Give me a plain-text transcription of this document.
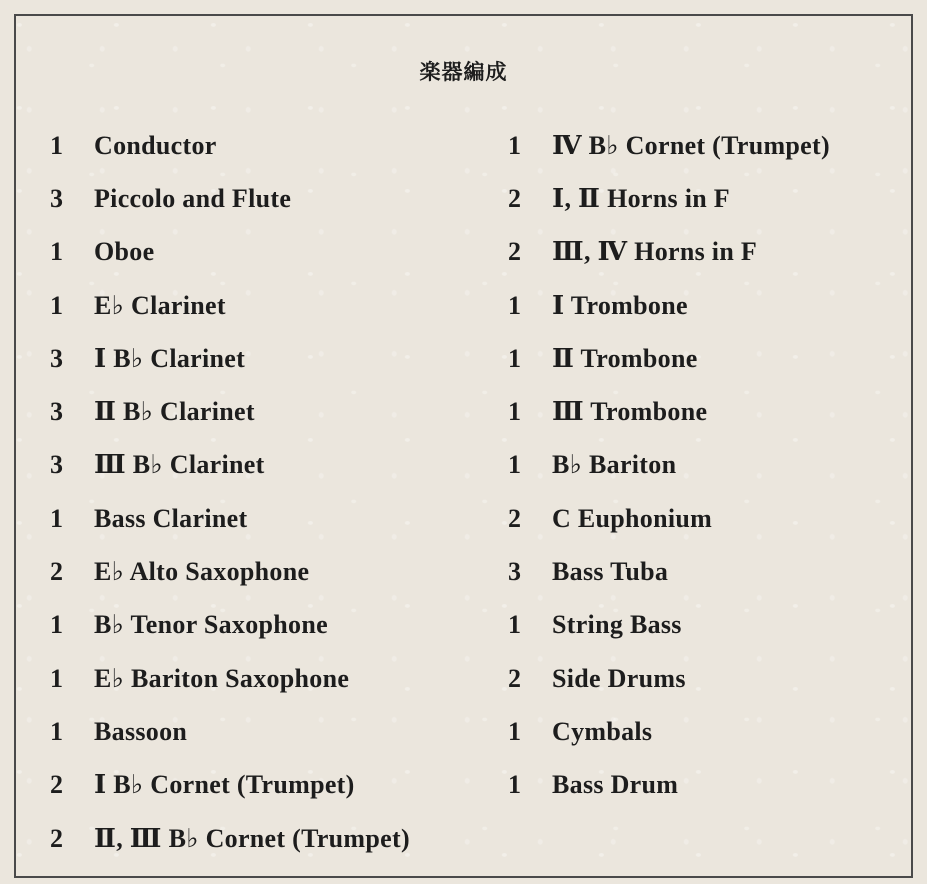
楽器編成
1	Conductor
3	Piccolo and Flute
1	Oboe
1	E♭ Clarinet
3	Ⅰ B♭ Clarinet
3	Ⅱ B♭ Clarinet
3	Ⅲ B♭ Clarinet
1	Bass Clarinet
2	E♭ Alto Saxophone
1	B♭ Tenor Saxophone
1	E♭ Bariton Saxophone
1	Bassoon
2	Ⅰ B♭ Cornet (Trumpet)
2	Ⅱ, Ⅲ B♭ Cornet (Trumpet)
1	Ⅳ B♭ Cornet (Trumpet)
2	Ⅰ, Ⅱ Horns in F
2	Ⅲ, Ⅳ Horns in F
1	Ⅰ Trombone
1	Ⅱ Trombone
1	Ⅲ Trombone
1	B♭ Bariton
2	C Euphonium
3	Bass Tuba
1	String Bass
2	Side Drums
1	Cymbals
1	Bass Drum
